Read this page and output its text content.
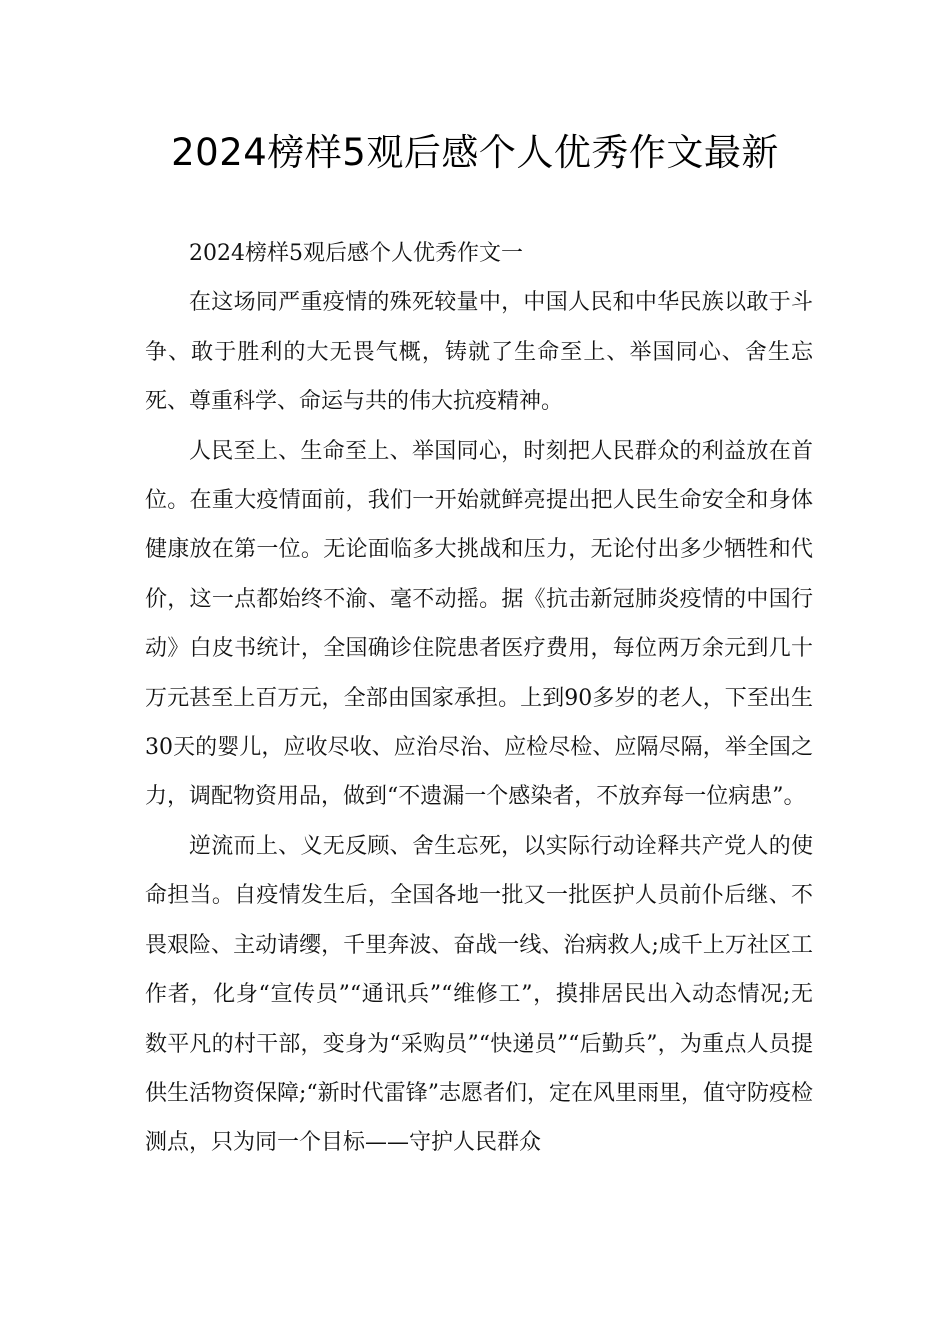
2024榜样5观后感个人优秀作文最新

2024榜样5观后感个人优秀作文一

在这场同严重疫情的殊死较量中，中国人民和中华民族以敢于斗争、敢于胜利的大无畏气概，铸就了生命至上、举国同心、舍生忘死、尊重科学、命运与共的伟大抗疫精神。

人民至上、生命至上、举国同心，时刻把人民群众的利益放在首位。在重大疫情面前，我们一开始就鲜亮提出把人民生命安全和身体健康放在第一位。无论面临多大挑战和压力，无论付出多少牺牲和代价，这一点都始终不渝、毫不动摇。据《抗击新冠肺炎疫情的中国行动》白皮书统计，全国确诊住院患者医疗费用，每位两万余元到几十万元甚至上百万元，全部由国家承担。上到90多岁的老人，下至出生30天的婴儿，应收尽收、应治尽治、应检尽检、应隔尽隔，举全国之力，调配物资用品，做到“不遗漏一个感染者，不放弃每一位病患”。

逆流而上、义无反顾、舍生忘死，以实际行动诠释共产党人的使命担当。自疫情发生后，全国各地一批又一批医护人员前仆后继、不畏艰险、主动请缨，千里奔波、奋战一线、治病救人;成千上万社区工作者，化身“宣传员”“通讯兵”“维修工”，摸排居民出入动态情况;无数平凡的村干部，变身为“采购员”“快递员”“后勤兵”，为重点人员提供生活物资保障;“新时代雷锋”志愿者们，定在风里雨里，值守防疫检测点，只为同一个目标——守护人民群众
